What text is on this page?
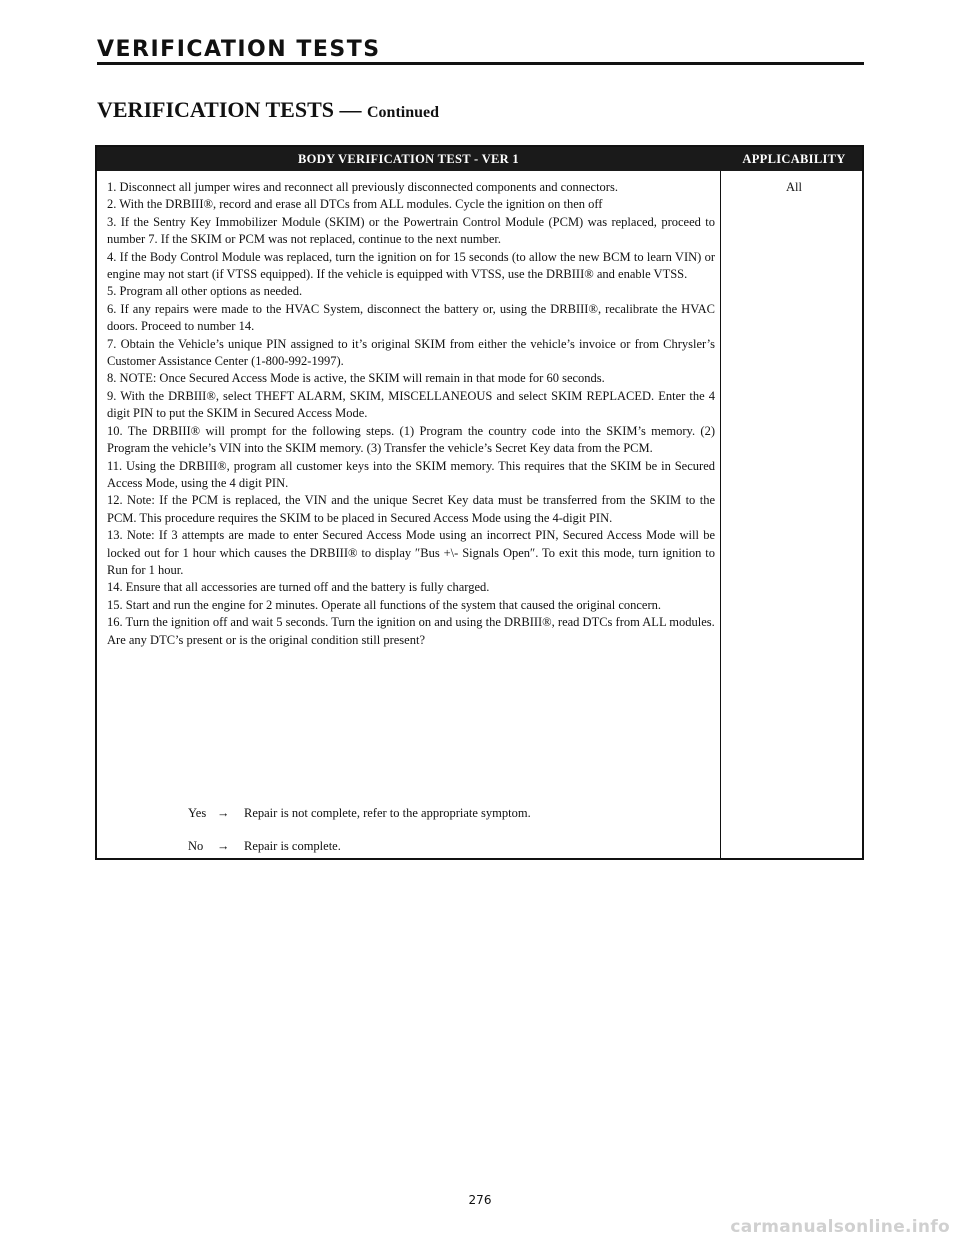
VERIFICATION TESTS
VERIFICATION TESTS — Continued
BODY VERIFICATION TEST - VER 1	APPLICABILITY

1. Disconnect all jumper wires and reconnect all previously disconnected components and connectors.

2. With the DRBIII®, record and erase all DTCs from ALL modules. Cycle the ignition on then off

3. If the Sentry Key Immobilizer Module (SKIM) or the Powertrain Control Module (PCM) was replaced, proceed to number 7. If the SKIM or PCM was not replaced, continue to the next number.

4. If the Body Control Module was replaced, turn the ignition on for 15 seconds (to allow the new BCM to learn VIN) or engine may not start (if VTSS equipped). If the vehicle is equipped with VTSS, use the DRBIII® and enable VTSS.

5. Program all other options as needed.

6. If any repairs were made to the HVAC System, disconnect the battery or, using the DRBIII®, recalibrate the HVAC doors. Proceed to number 14.

7. Obtain the Vehicle’s unique PIN assigned to it’s original SKIM from either the vehicle’s invoice or from Chrysler’s Customer Assistance Center (1-800-992-1997).

8. NOTE: Once Secured Access Mode is active, the SKIM will remain in that mode for 60 seconds.

9. With the DRBIII®, select THEFT ALARM, SKIM, MISCELLANEOUS and select SKIM REPLACED. Enter the 4 digit PIN to put the SKIM in Secured Access Mode.

10. The DRBIII® will prompt for the following steps. (1) Program the country code into the SKIM’s memory. (2) Program the vehicle’s VIN into the SKIM memory. (3) Transfer the vehicle’s Secret Key data from the PCM.

11. Using the DRBIII®, program all customer keys into the SKIM memory. This requires that the SKIM be in Secured Access Mode, using the 4 digit PIN.

12. Note: If the PCM is replaced, the VIN and the unique Secret Key data must be transferred from the SKIM to the PCM. This procedure requires the SKIM to be placed in Secured Access Mode using the 4-digit PIN.

13. Note: If 3 attempts are made to enter Secured Access Mode using an incorrect PIN, Secured Access Mode will be locked out for 1 hour which causes the DRBIII® to display ″Bus +\- Signals Open″. To exit this mode, turn ignition to Run for 1 hour.

14. Ensure that all accessories are turned off and the battery is fully charged.

15. Start and run the engine for 2 minutes. Operate all functions of the system that caused the original concern.

16. Turn the ignition off and wait 5 seconds. Turn the ignition on and using the DRBIII®, read DTCs from ALL modules.

Are any DTC’s present or is the original condition still present?

All
Yes → Repair is not complete, refer to the appropriate symptom.
No → Repair is complete.
276
carmanualsonline.info
